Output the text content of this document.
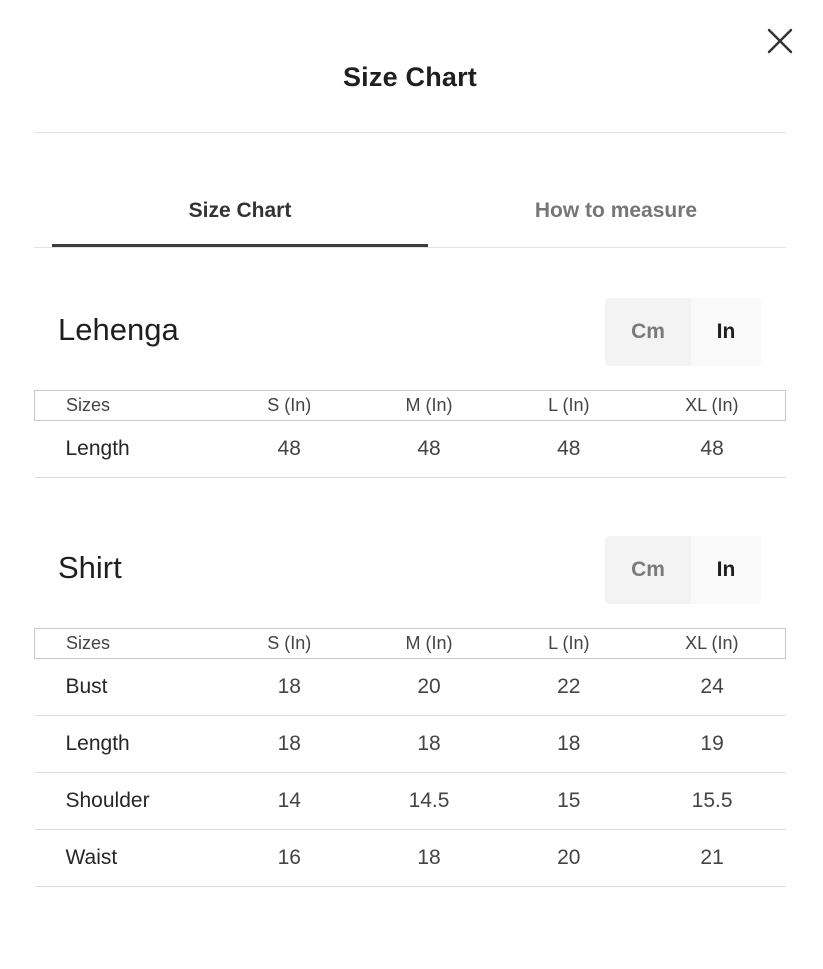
Size Chart
Size Chart	How to measure
Lehenga	Cm	In
Sizes	S (In)	M (In)	L (In)	XL (In)
Length	48	48	48	48
Shirt	Cm	In
Sizes	S (In)	M (In)	L (In)	XL (In)
Bust	18	20	22	24
Length	18	18	18	19
Shoulder	14	14.5	15	15.5
Waist	16	18	20	21
